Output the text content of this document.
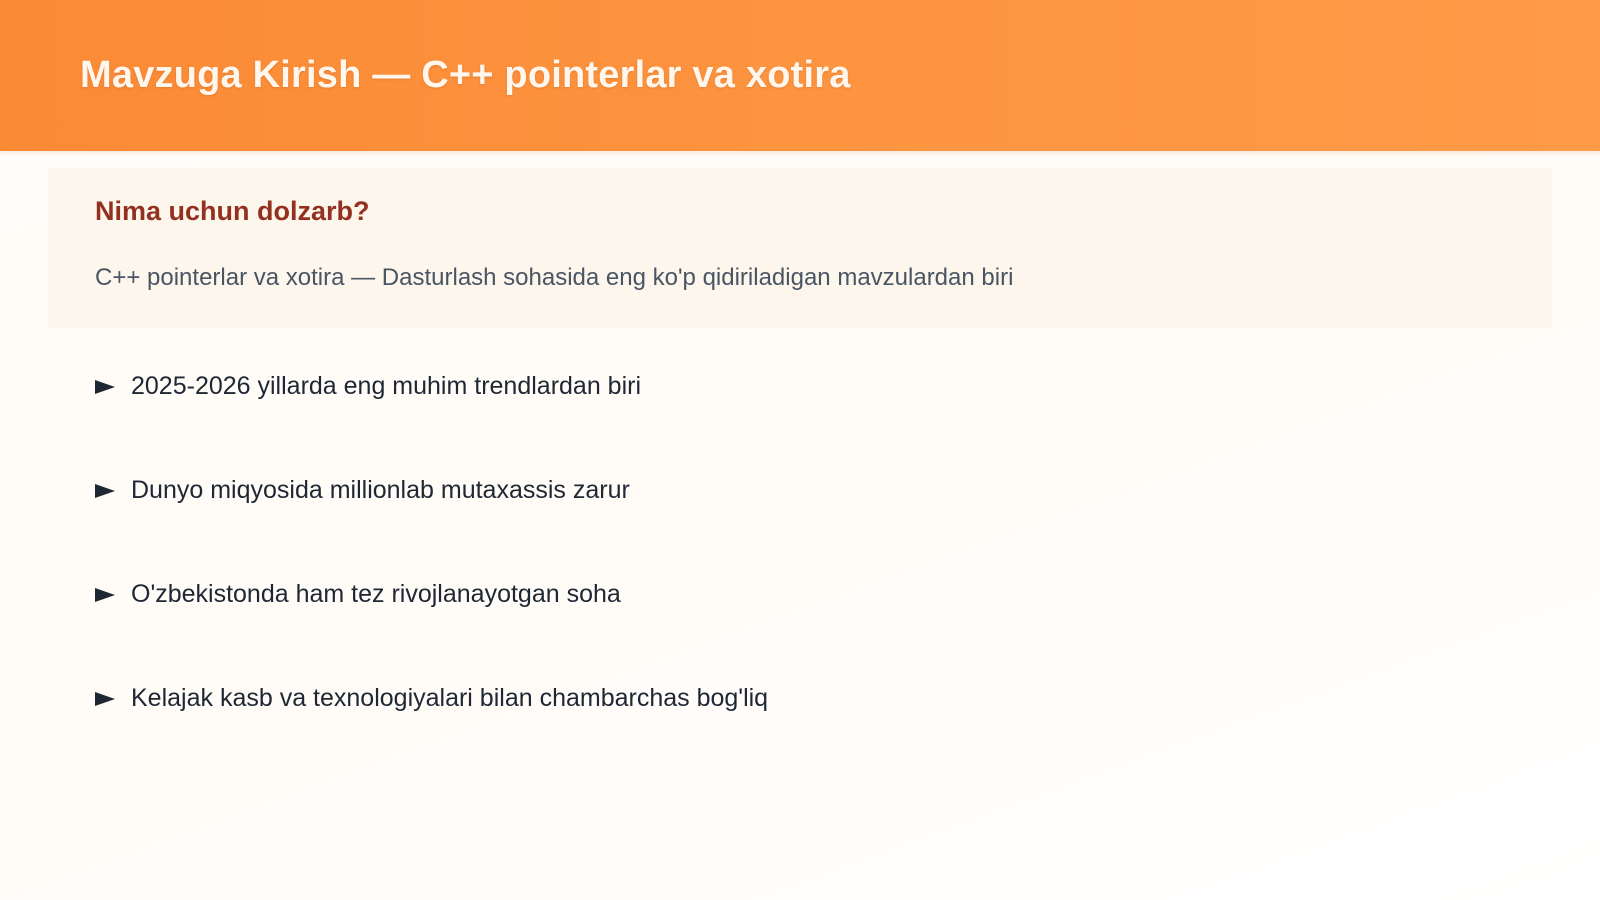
Mavzuga Kirish — C++ pointerlar va xotira
Nima uchun dolzarb?
C++ pointerlar va xotira — Dasturlash sohasida eng ko'p qidiriladigan mavzulardan biri
2025-2026 yillarda eng muhim trendlardan biri
Dunyo miqyosida millionlab mutaxassis zarur
O'zbekistonda ham tez rivojlanayotgan soha
Kelajak kasb va texnologiyalari bilan chambarchas bog'liq
